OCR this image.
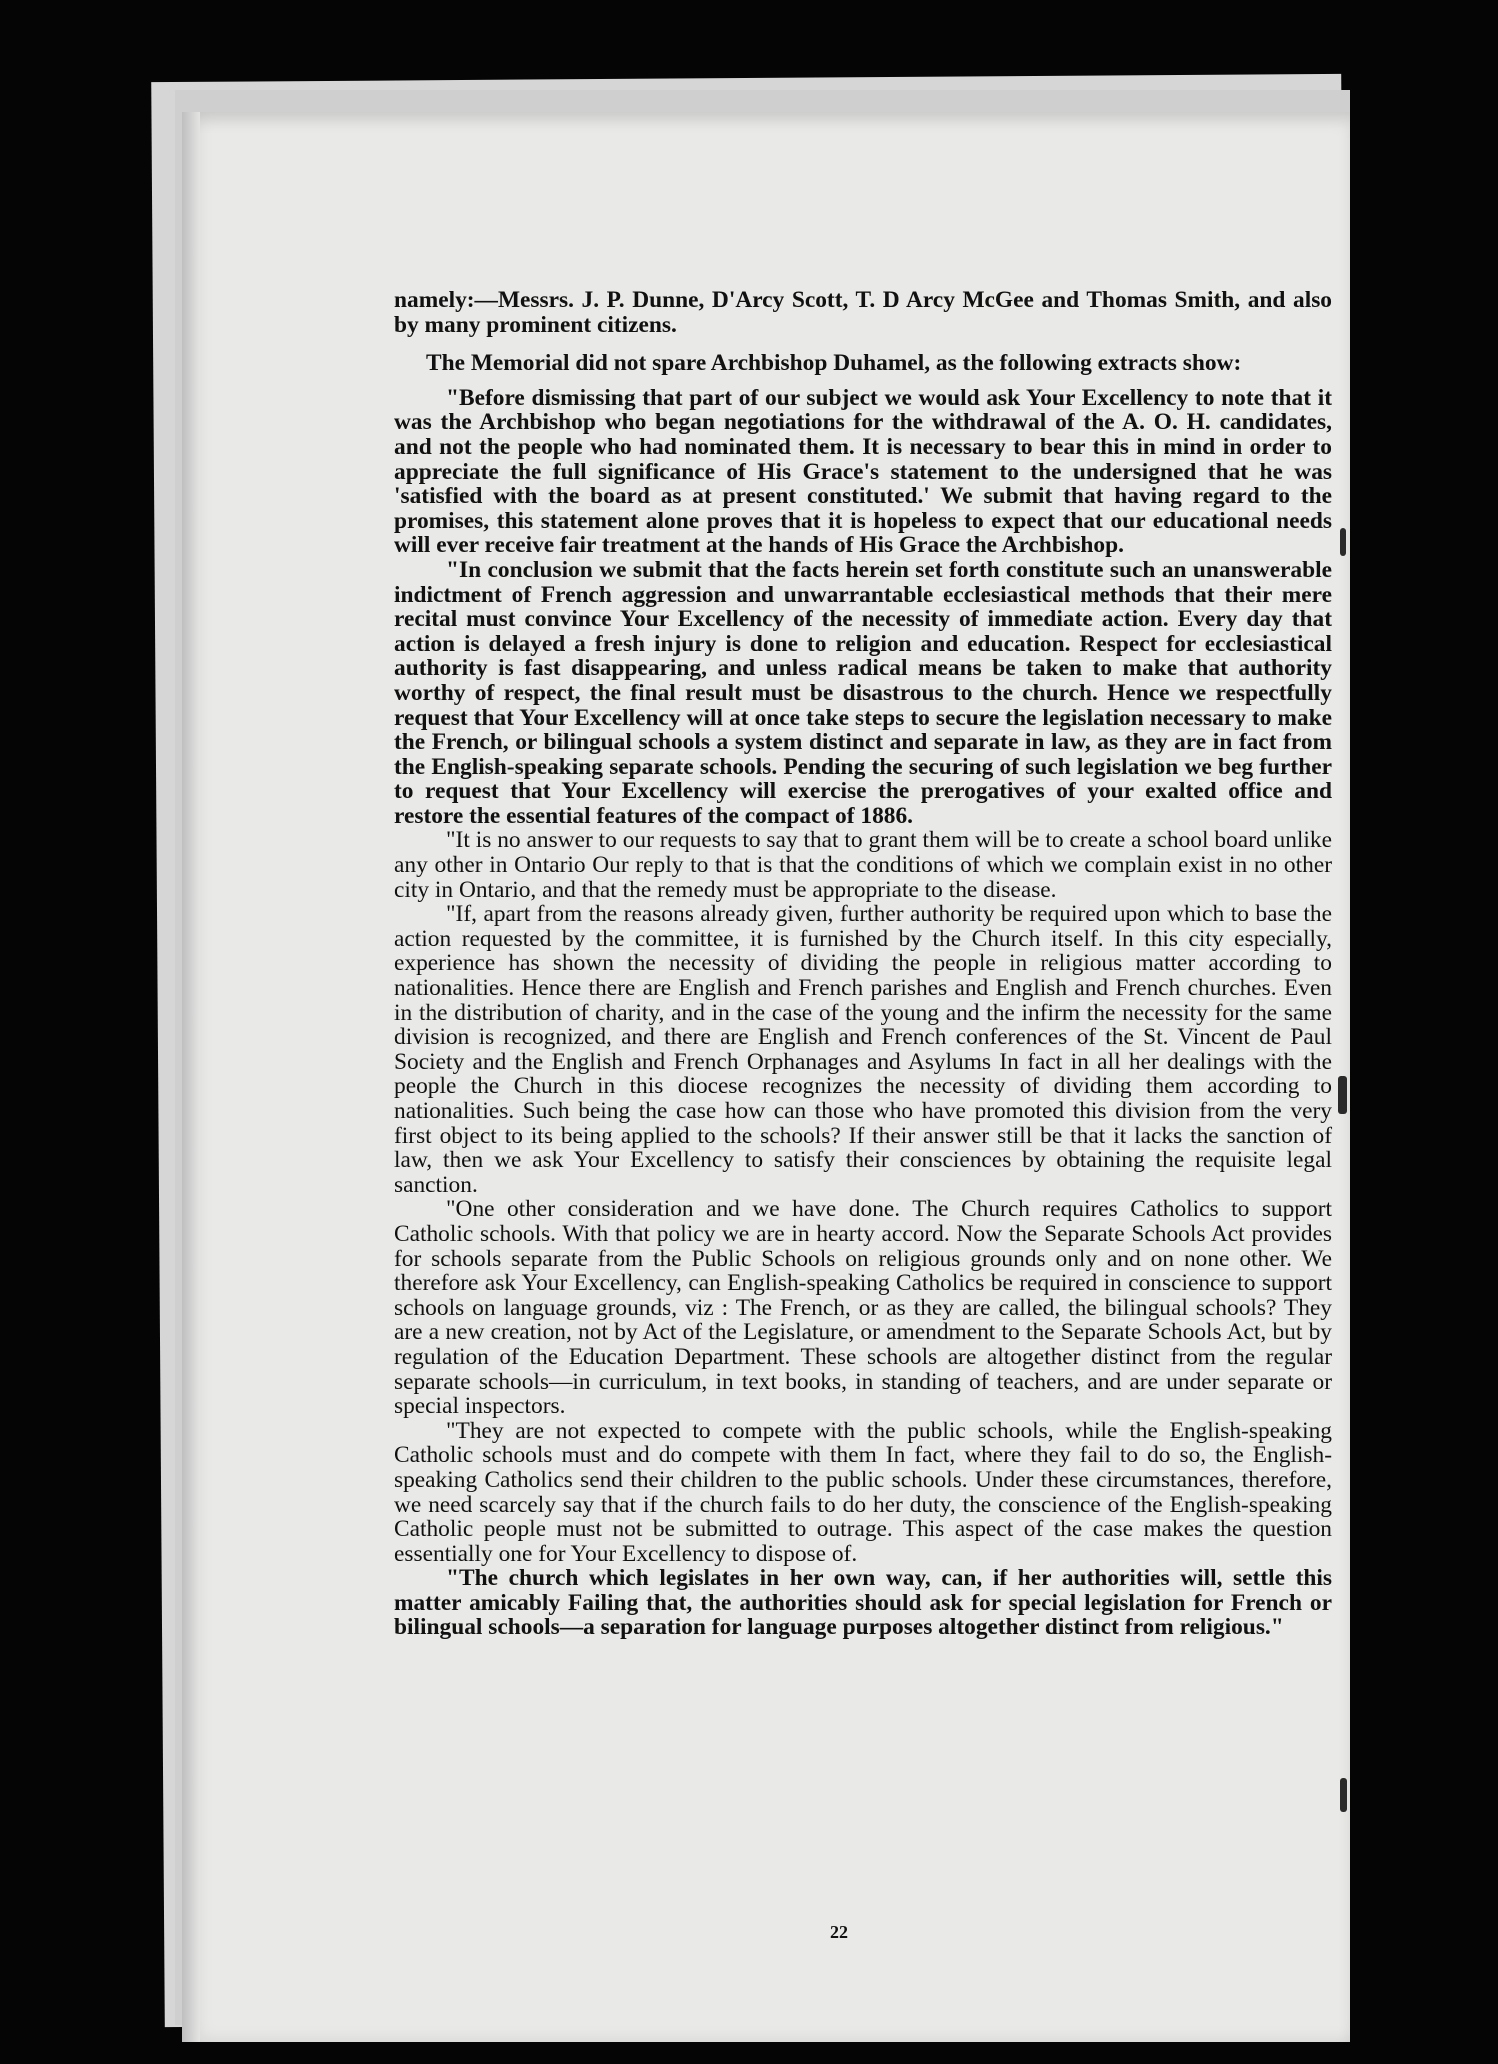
namely:—Messrs. J. P. Dunne, D'Arcy Scott, T. D Arcy McGee and Thomas Smith, and also by many prominent citizens.

The Memorial did not spare Archbishop Duhamel, as the following extracts show:

"Before dismissing that part of our subject we would ask Your Excellency to note that it was the Archbishop who began negotiations for the withdrawal of the A. O. H. candidates, and not the people who had nominated them. It is necessary to bear this in mind in order to appreciate the full significance of His Grace's statement to the undersigned that he was 'satisfied with the board as at present constituted.' We submit that having regard to the promises, this statement alone proves that it is hopeless to expect that our educational needs will ever receive fair treatment at the hands of His Grace the Archbishop.

"In conclusion we submit that the facts herein set forth constitute such an unanswerable indictment of French aggression and unwarrantable ecclesiastical methods that their mere recital must convince Your Excellency of the necessity of immediate action. Every day that action is delayed a fresh injury is done to religion and education. Respect for ecclesiastical authority is fast disappearing, and unless radical means be taken to make that authority worthy of respect, the final result must be disastrous to the church. Hence we respectfully request that Your Excellency will at once take steps to secure the legislation necessary to make the French, or bilingual schools a system distinct and separate in law, as they are in fact from the English-speaking separate schools. Pending the securing of such legislation we beg further to request that Your Excellency will exercise the prerogatives of your exalted office and restore the essential features of the compact of 1886.

"It is no answer to our requests to say that to grant them will be to create a school board unlike any other in Ontario Our reply to that is that the conditions of which we complain exist in no other city in Ontario, and that the remedy must be appropriate to the disease.

"If, apart from the reasons already given, further authority be required upon which to base the action requested by the committee, it is furnished by the Church itself. In this city especially, experience has shown the necessity of dividing the people in religious matter according to nationalities. Hence there are English and French parishes and English and French churches. Even in the distribution of charity, and in the case of the young and the infirm the necessity for the same division is recognized, and there are English and French conferences of the St. Vincent de Paul Society and the English and French Orphanages and Asylums In fact in all her dealings with the people the Church in this diocese recognizes the necessity of dividing them according to nationalities. Such being the case how can those who have promoted this division from the very first object to its being applied to the schools? If their answer still be that it lacks the sanction of law, then we ask Your Excellency to satisfy their consciences by obtaining the requisite legal sanction.

"One other consideration and we have done. The Church requires Catholics to support Catholic schools. With that policy we are in hearty accord. Now the Separate Schools Act provides for schools separate from the Public Schools on religious grounds only and on none other. We therefore ask Your Excellency, can English-speaking Catholics be required in conscience to support schools on language grounds, viz : The French, or as they are called, the bilingual schools? They are a new creation, not by Act of the Legislature, or amendment to the Separate Schools Act, but by regulation of the Education Department. These schools are altogether distinct from the regular separate schools—in curriculum, in text books, in standing of teachers, and are under separate or special inspectors.

"They are not expected to compete with the public schools, while the English-speaking Catholic schools must and do compete with them In fact, where they fail to do so, the English-speaking Catholics send their children to the public schools. Under these circumstances, therefore, we need scarcely say that if the church fails to do her duty, the conscience of the English-speaking Catholic people must not be submitted to outrage. This aspect of the case makes the question essentially one for Your Excellency to dispose of.

"The church which legislates in her own way, can, if her authorities will, settle this matter amicably Failing that, the authorities should ask for special legislation for French or bilingual schools—a separation for language purposes altogether distinct from religious."

22
